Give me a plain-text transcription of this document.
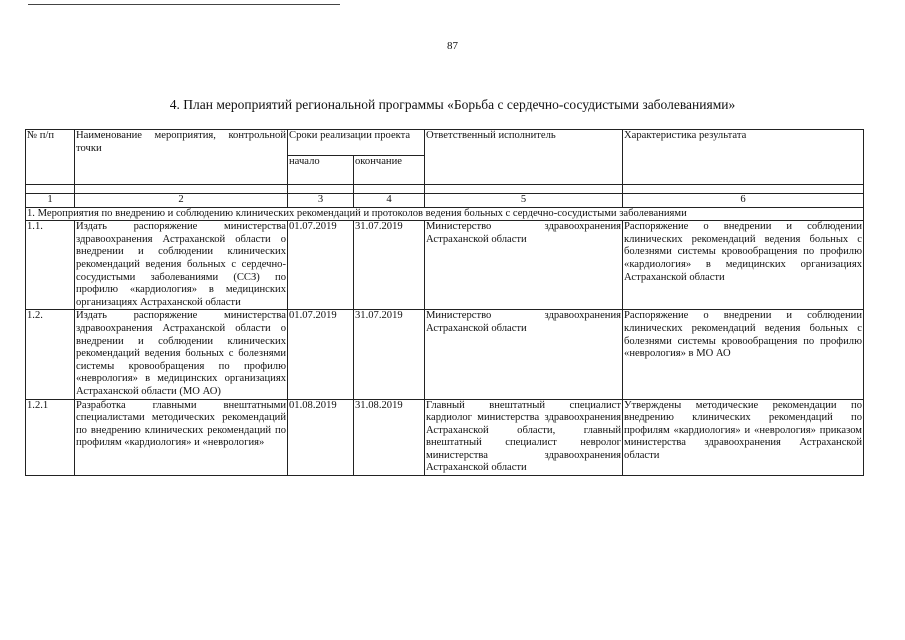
87
4. План мероприятий региональной программы «Борьба с сердечно-сосудистыми заболеваниями»
№ п/п	Наименование мероприятия, контрольной точки	Сроки реализации проекта		Ответственный исполнитель	Характеристика результата
		начало	окончание		

1	2	3	4	5	6
1. Мероприятия по внедрению и соблюдению клинических рекомендаций и протоколов ведения больных с сердечно-сосудистыми заболеваниями					
1.1.	Издать распоряжение министерства здравоохранения Астраханской области о внедрении и соблюдении клинических рекомендаций ведения больных с сердечно-сосудистыми заболеваниями (ССЗ) по профилю «кардиология» в медицинских организациях Астраханской области	01.07.2019	31.07.2019	Министерство здравоохранения Астраханской области	Распоряжение о внедрении и соблюдении клинических рекомендаций ведения больных с болезнями системы кровообращения по профилю «кардиология» в медицинских организациях Астраханской области
1.2.	Издать распоряжение министерства здравоохранения Астраханской области о внедрении и соблюдении клинических рекомендаций ведения больных с болезнями системы кровообращения по профилю «неврология» в медицинских организациях Астраханской области (МО АО)	01.07.2019	31.07.2019	Министерство здравоохранения Астраханской области	Распоряжение о внедрении и соблюдении клинических рекомендаций ведения больных с болезнями системы кровообращения по профилю «неврология» в МО АО
1.2.1	Разработка главными внештатными специалистами методических рекомендаций по внедрению клинических рекомендаций по профилям «кардиология» и «неврология»	01.08.2019	31.08.2019	Главный внештатный специалист кардиолог министерства здравоохранения Астраханской области, главный внештатный специалист невролог министерства здравоохранения Астраханской области	Утверждены методические рекомендации по внедрению клинических рекомендаций по профилям «кардиология» и «неврология» приказом министерства здравоохранения Астраханской области
